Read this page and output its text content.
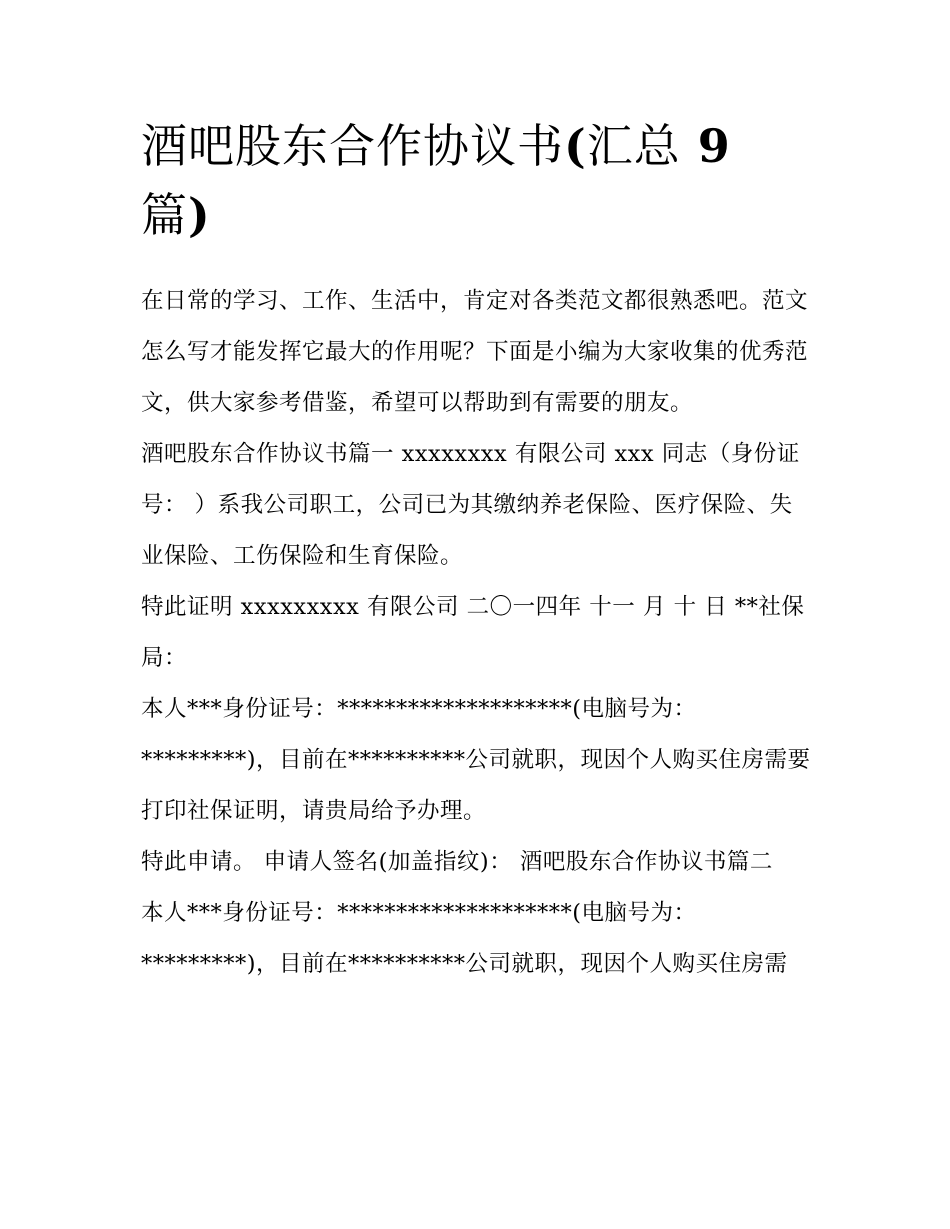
酒吧股东合作协议书(汇总 9 篇)

在日常的学习、工作、生活中，肯定对各类范文都很熟悉吧。范文怎么写才能发挥它最大的作用呢？下面是小编为大家收集的优秀范文，供大家参考借鉴，希望可以帮助到有需要的朋友。

酒吧股东合作协议书篇一 xxxxxxxx 有限公司 xxx 同志（身份证号： ）系我公司职工，公司已为其缴纳养老保险、医疗保险、失业保险、工伤保险和生育保险。

特此证明 xxxxxxxxx 有限公司 二〇一四年 十一 月 十 日 **社保局：

本人***身份证号：********************(电脑号为：*********)，目前在**********公司就职，现因个人购买住房需要打印社保证明，请贵局给予办理。

特此申请。 申请人签名(加盖指纹)： 酒吧股东合作协议书篇二

本人***身份证号：********************(电脑号为：*********)，目前在**********公司就职，现因个人购买住房需
